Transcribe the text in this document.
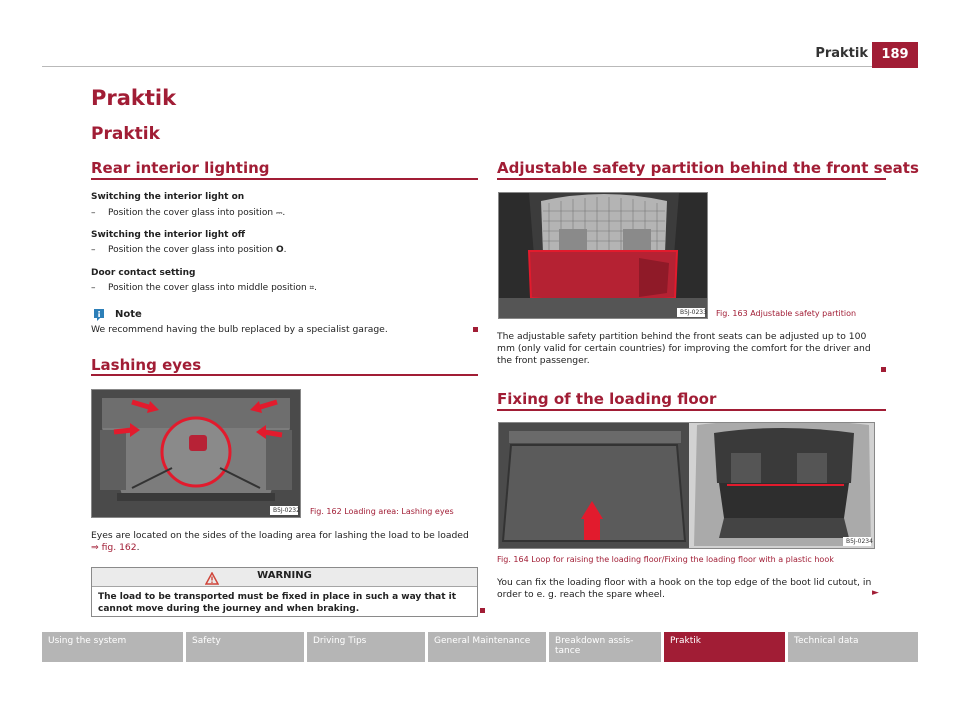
Praktik	189
Praktik
Praktik
Rear interior lighting
Switching the interior light on
– Position the cover glass into position ⎓.
Switching the interior light off
– Position the cover glass into position O.
Door contact setting
– Position the cover glass into middle position ⌗.
Note
We recommend having the bulb replaced by a specialist garage.
Lashing eyes
B5J-0232 Fig. 162 Loading area: Lashing eyes
Eyes are located on the sides of the loading area for lashing the load to be loaded ⇒ fig. 162.
WARNING
The load to be transported must be fixed in place in such a way that it cannot move during the journey and when braking.
Adjustable safety partition behind the front seats
B5J-0233 Fig. 163 Adjustable safety partition
The adjustable safety partition behind the front seats can be adjusted up to 100 mm (only valid for certain countries) for improving the comfort for the driver and the front passenger.
Fixing of the loading floor
B5J-0234
Fig. 164 Loop for raising the loading floor/Fixing the loading floor with a plastic hook
You can fix the loading floor with a hook on the top edge of the boot lid cutout, in order to e. g. reach the spare wheel.	►
Using the system	Safety	Driving Tips	General Maintenance	Breakdown assis-tance
Praktik	Technical data
